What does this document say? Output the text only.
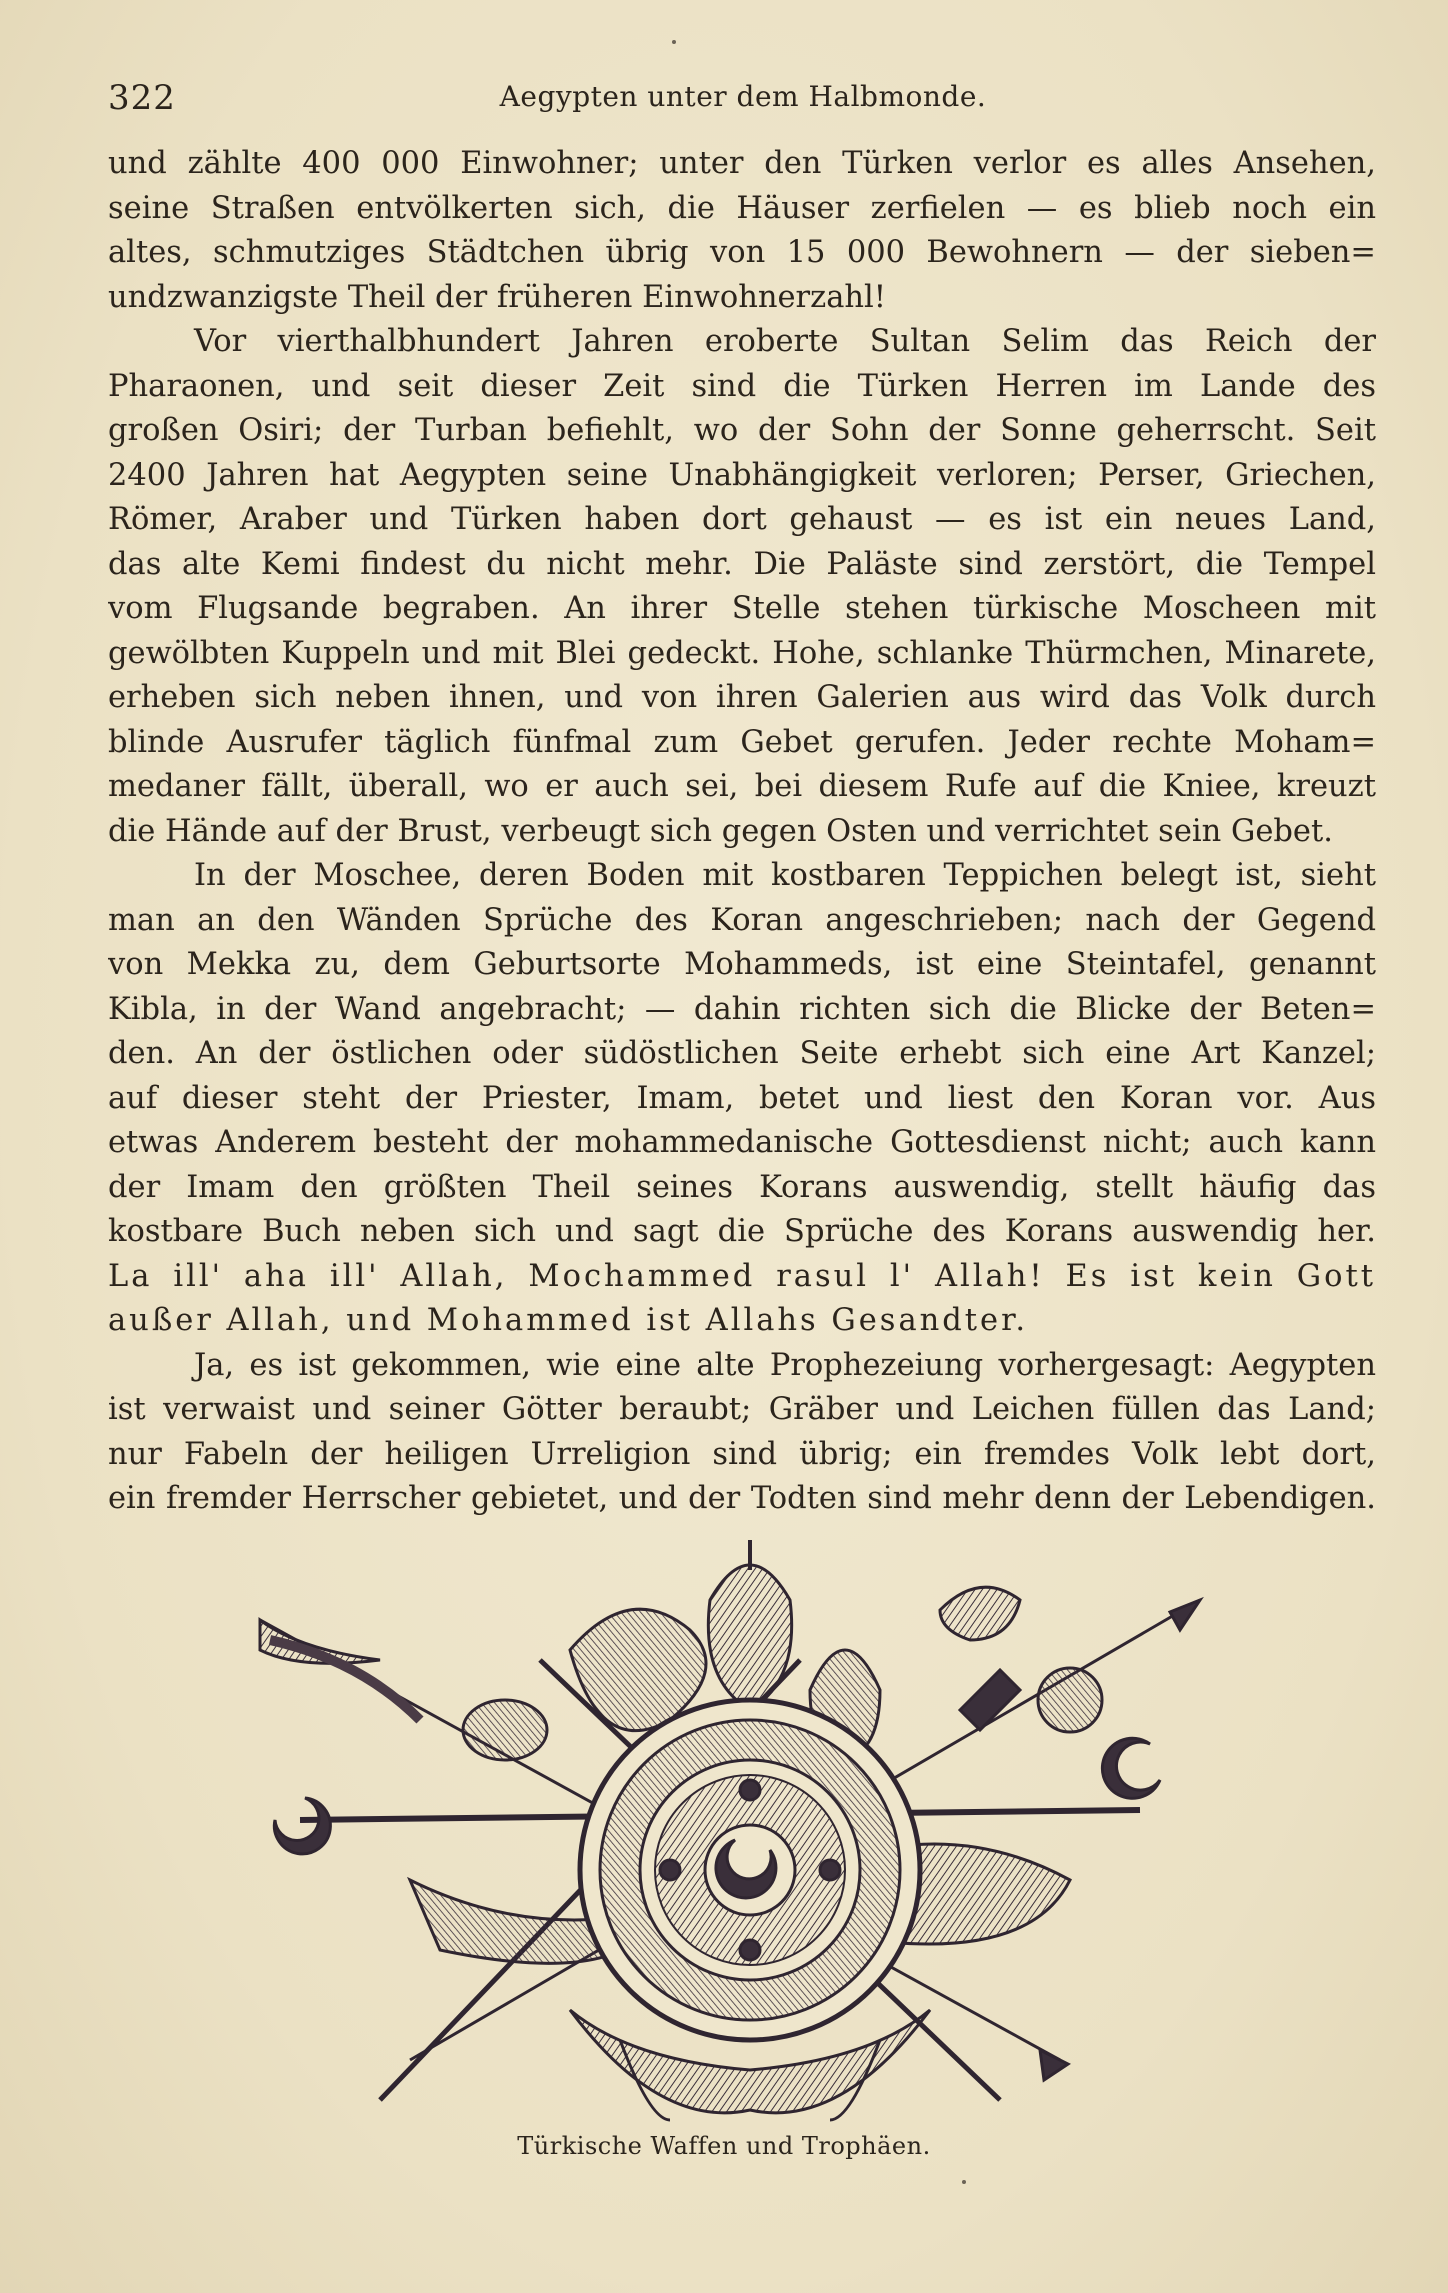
322	Aegypten unter dem Halbmonde.
und zählte 400 000 Einwohner; unter den Türken verlor es alles Ansehen,
seine Straßen entvölkerten sich, die Häuser zerfielen — es blieb noch ein
altes, schmutziges Städtchen übrig von 15 000 Bewohnern — der sieben=
undzwanzigste Theil der früheren Einwohnerzahl!
Vor vierthalbhundert Jahren eroberte Sultan Selim das Reich der
Pharaonen, und seit dieser Zeit sind die Türken Herren im Lande des
großen Osiri; der Turban befiehlt, wo der Sohn der Sonne geherrscht. Seit
2400 Jahren hat Aegypten seine Unabhängigkeit verloren; Perser, Griechen,
Römer, Araber und Türken haben dort gehaust — es ist ein neues Land,
das alte Kemi findest du nicht mehr. Die Paläste sind zerstört, die Tempel
vom Flugsande begraben. An ihrer Stelle stehen türkische Moscheen mit
gewölbten Kuppeln und mit Blei gedeckt. Hohe, schlanke Thürmchen, Minarete,
erheben sich neben ihnen, und von ihren Galerien aus wird das Volk durch
blinde Ausrufer täglich fünfmal zum Gebet gerufen. Jeder rechte Moham=
medaner fällt, überall, wo er auch sei, bei diesem Rufe auf die Kniee, kreuzt
die Hände auf der Brust, verbeugt sich gegen Osten und verrichtet sein Gebet.
In der Moschee, deren Boden mit kostbaren Teppichen belegt ist, sieht
man an den Wänden Sprüche des Koran angeschrieben; nach der Gegend
von Mekka zu, dem Geburtsorte Mohammeds, ist eine Steintafel, genannt
Kibla, in der Wand angebracht; — dahin richten sich die Blicke der Beten=
den. An der östlichen oder südöstlichen Seite erhebt sich eine Art Kanzel;
auf dieser steht der Priester, Imam, betet und liest den Koran vor. Aus
etwas Anderem besteht der mohammedanische Gottesdienst nicht; auch kann
der Imam den größten Theil seines Korans auswendig, stellt häufig das
kostbare Buch neben sich und sagt die Sprüche des Korans auswendig her.
La ill' aha ill' Allah, Mochammed rasul l' Allah! Es ist kein Gott
außer Allah, und Mohammed ist Allahs Gesandter.
Ja, es ist gekommen, wie eine alte Prophezeiung vorhergesagt: Aegypten
ist verwaist und seiner Götter beraubt; Gräber und Leichen füllen das Land;
nur Fabeln der heiligen Urreligion sind übrig; ein fremdes Volk lebt dort,
ein fremder Herrscher gebietet, und der Todten sind mehr denn der Lebendigen.
Türkische Waffen und Trophäen.
